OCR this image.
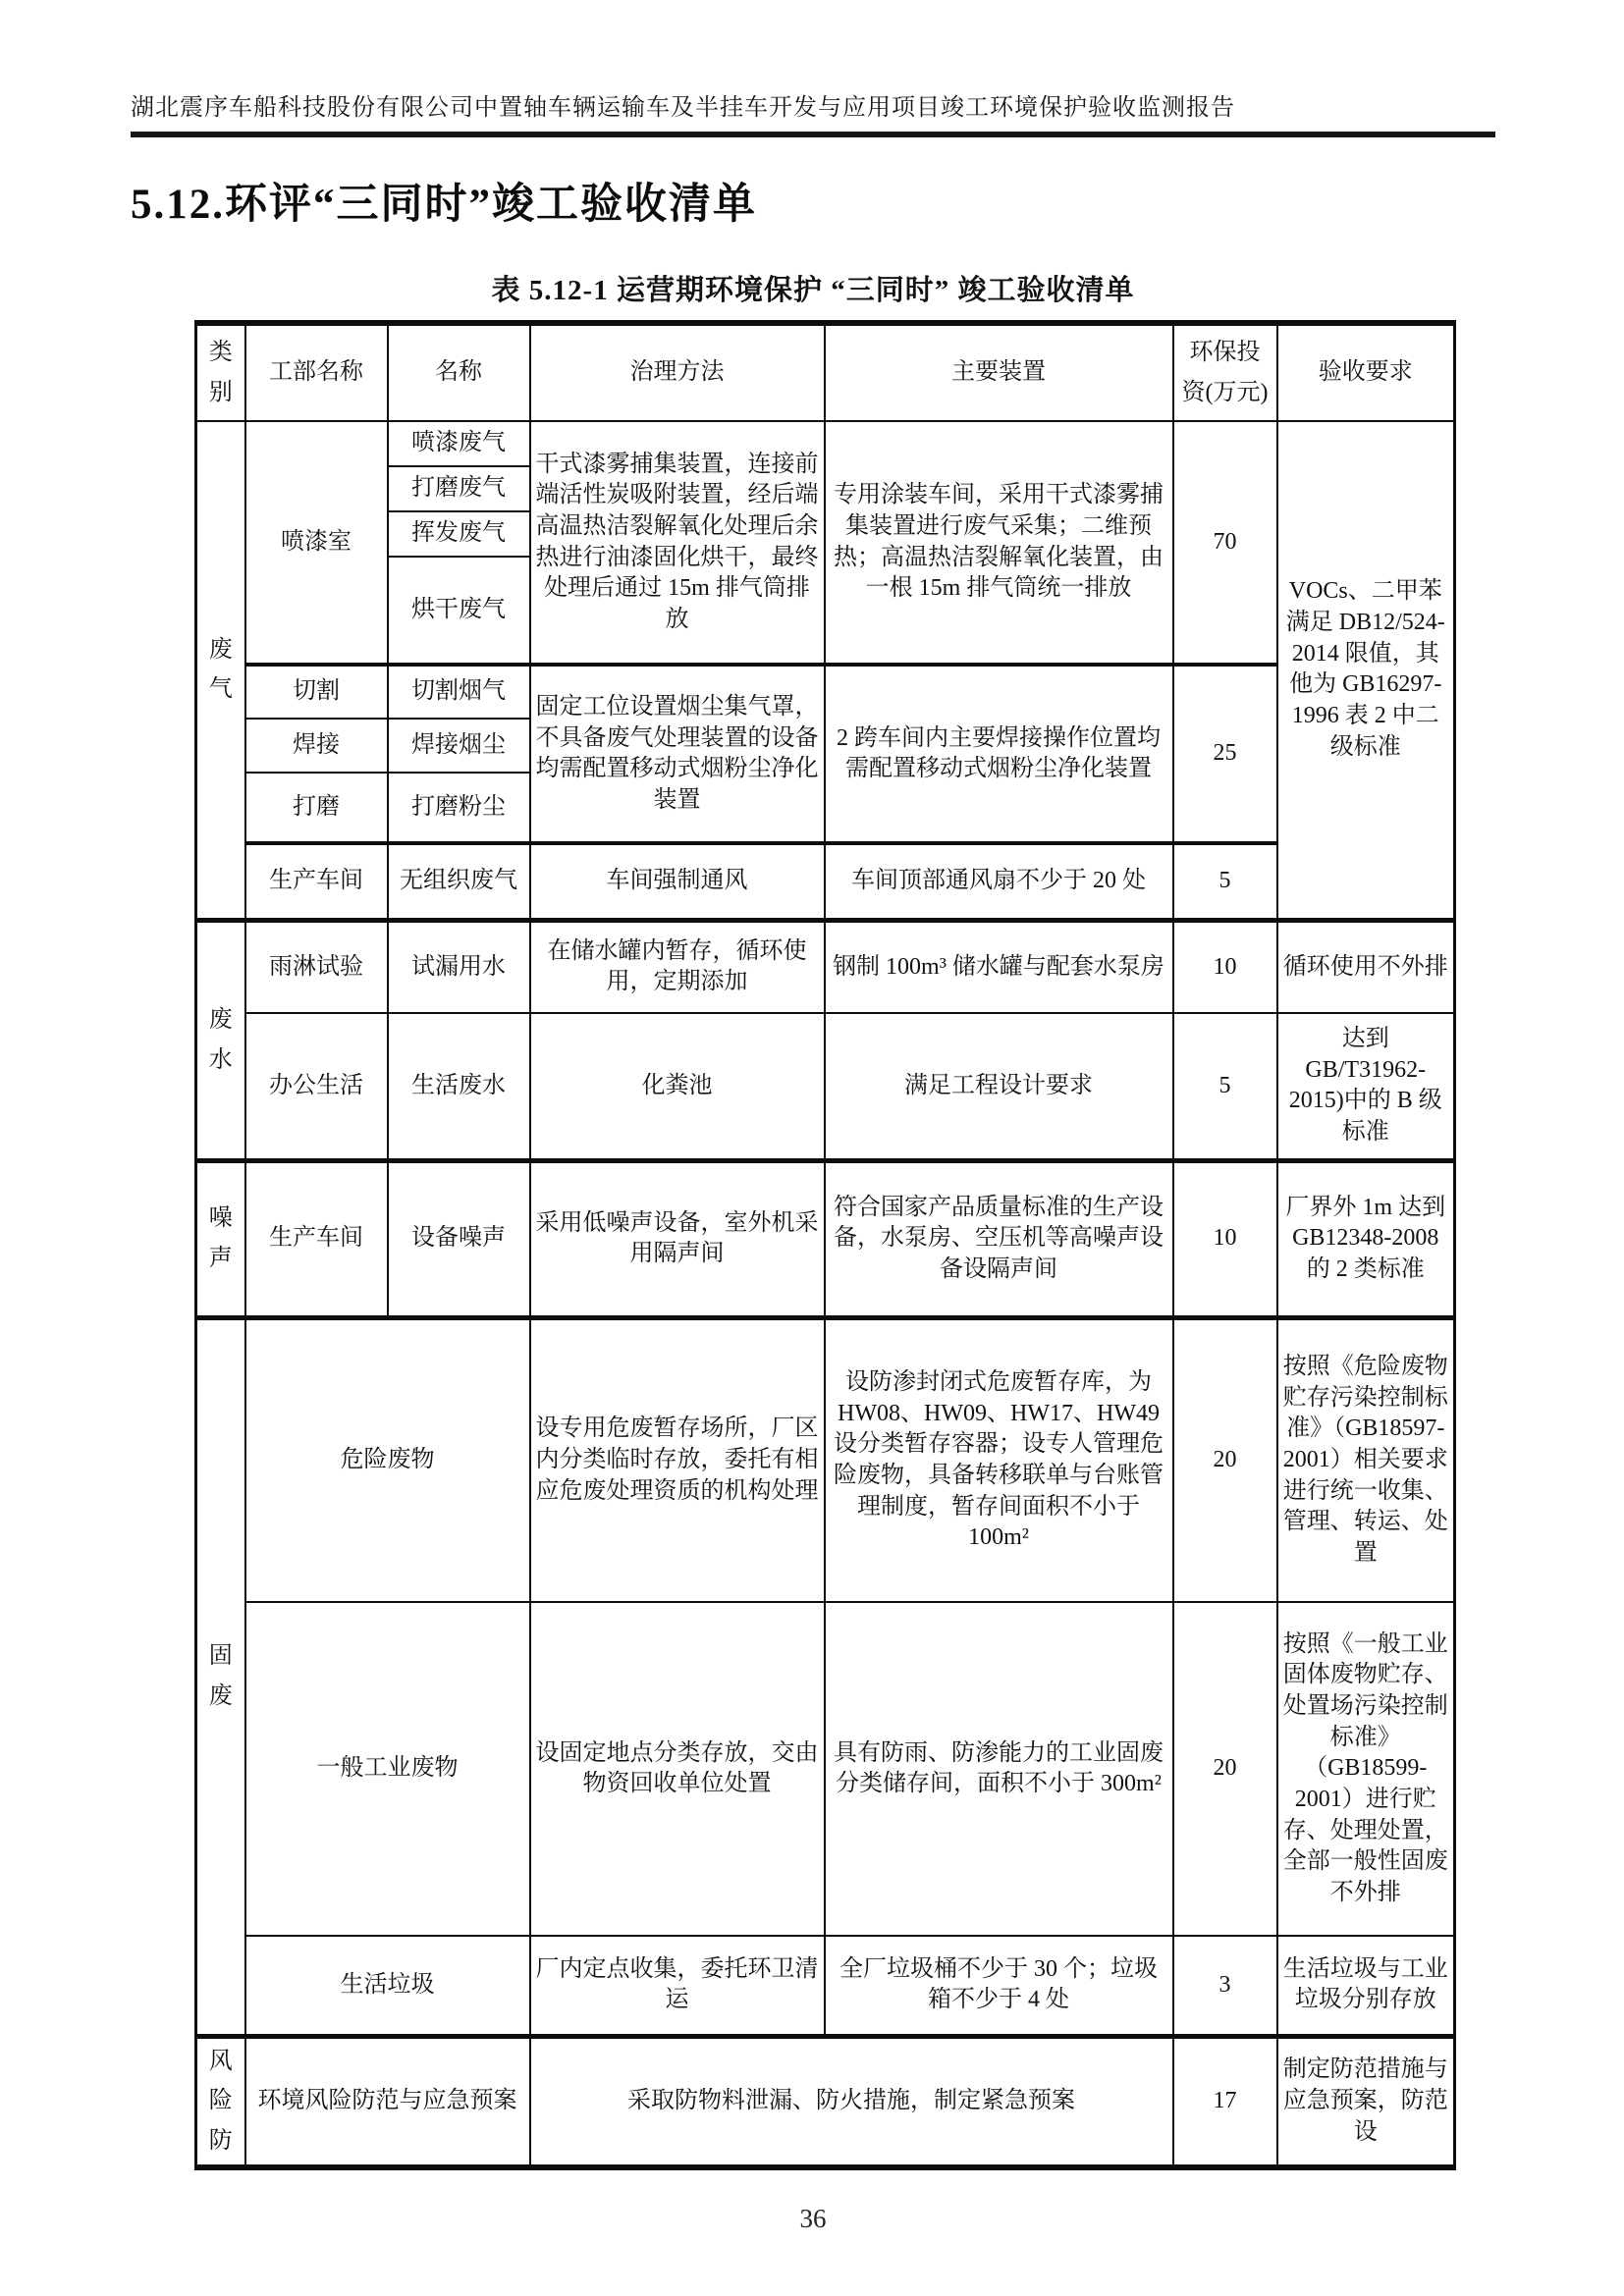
湖北震序车船科技股份有限公司中置轴车辆运输车及半挂车开发与应用项目竣工环境保护验收监测报告
5.12.环评“三同时”竣工验收清单
表 5.12-1 运营期环境保护 “三同时” 竣工验收清单
类别	工部名称	名称	治理方法	主要装置	环保投资(万元)	验收要求
废气	喷漆室	喷漆废气	干式漆雾捕集装置，连接前端活性炭吸附装置，经后端高温热洁裂解氧化处理后余热进行油漆固化烘干，最终处理后通过 15m 排气筒排放	专用涂装车间，采用干式漆雾捕集装置进行废气采集；二维预热；高温热洁裂解氧化装置，由一根 15m 排气筒统一排放	70	VOCs、二甲苯满足 DB12/524-2014 限值，其他为 GB16297-1996 表 2 中二级标准
		打磨废气				
		挥发废气				
		烘干废气				
	切割	切割烟气	固定工位设置烟尘集气罩，不具备废气处理装置的设备均需配置移动式烟粉尘净化装置	2 跨车间内主要焊接操作位置均需配置移动式烟粉尘净化装置	25	
	焊接	焊接烟尘				
	打磨	打磨粉尘				
	生产车间	无组织废气	车间强制通风	车间顶部通风扇不少于 20 处	5	
废水	雨淋试验	试漏用水	在储水罐内暂存，循环使用，定期添加	钢制 100m³ 储水罐与配套水泵房	10	循环使用不外排
	办公生活	生活废水	化粪池	满足工程设计要求	5	达到 GB/T31962-2015)中的 B 级标准
噪声	生产车间	设备噪声	采用低噪声设备，室外机采用隔声间	符合国家产品质量标准的生产设备，水泵房、空压机等高噪声设备设隔声间	10	厂界外 1m 达到 GB12348-2008 的 2 类标准
固废	危险废物		设专用危废暂存场所，厂区内分类临时存放，委托有相应危废处理资质的机构处理	设防渗封闭式危废暂存库，为 HW08、HW09、HW17、HW49 设分类暂存容器；设专人管理危险废物，具备转移联单与台账管理制度，暂存间面积不小于 100m²	20	按照《危险废物贮存污染控制标准》（GB18597-2001）相关要求进行统一收集、管理、转运、处置
	一般工业废物		设固定地点分类存放，交由物资回收单位处置	具有防雨、防渗能力的工业固废分类储存间，面积不小于 300m²	20	按照《一般工业固体废物贮存、处置场污染控制标准》（GB18599-2001）进行贮存、处理处置，全部一般性固废不外排
	生活垃圾		厂内定点收集，委托环卫清运	全厂垃圾桶不少于 30 个；垃圾箱不少于 4 处	3	生活垃圾与工业垃圾分别存放
风险防	环境风险防范与应急预案		采取防物料泄漏、防火措施，制定紧急预案		17	制定防范措施与应急预案，防范设
36
